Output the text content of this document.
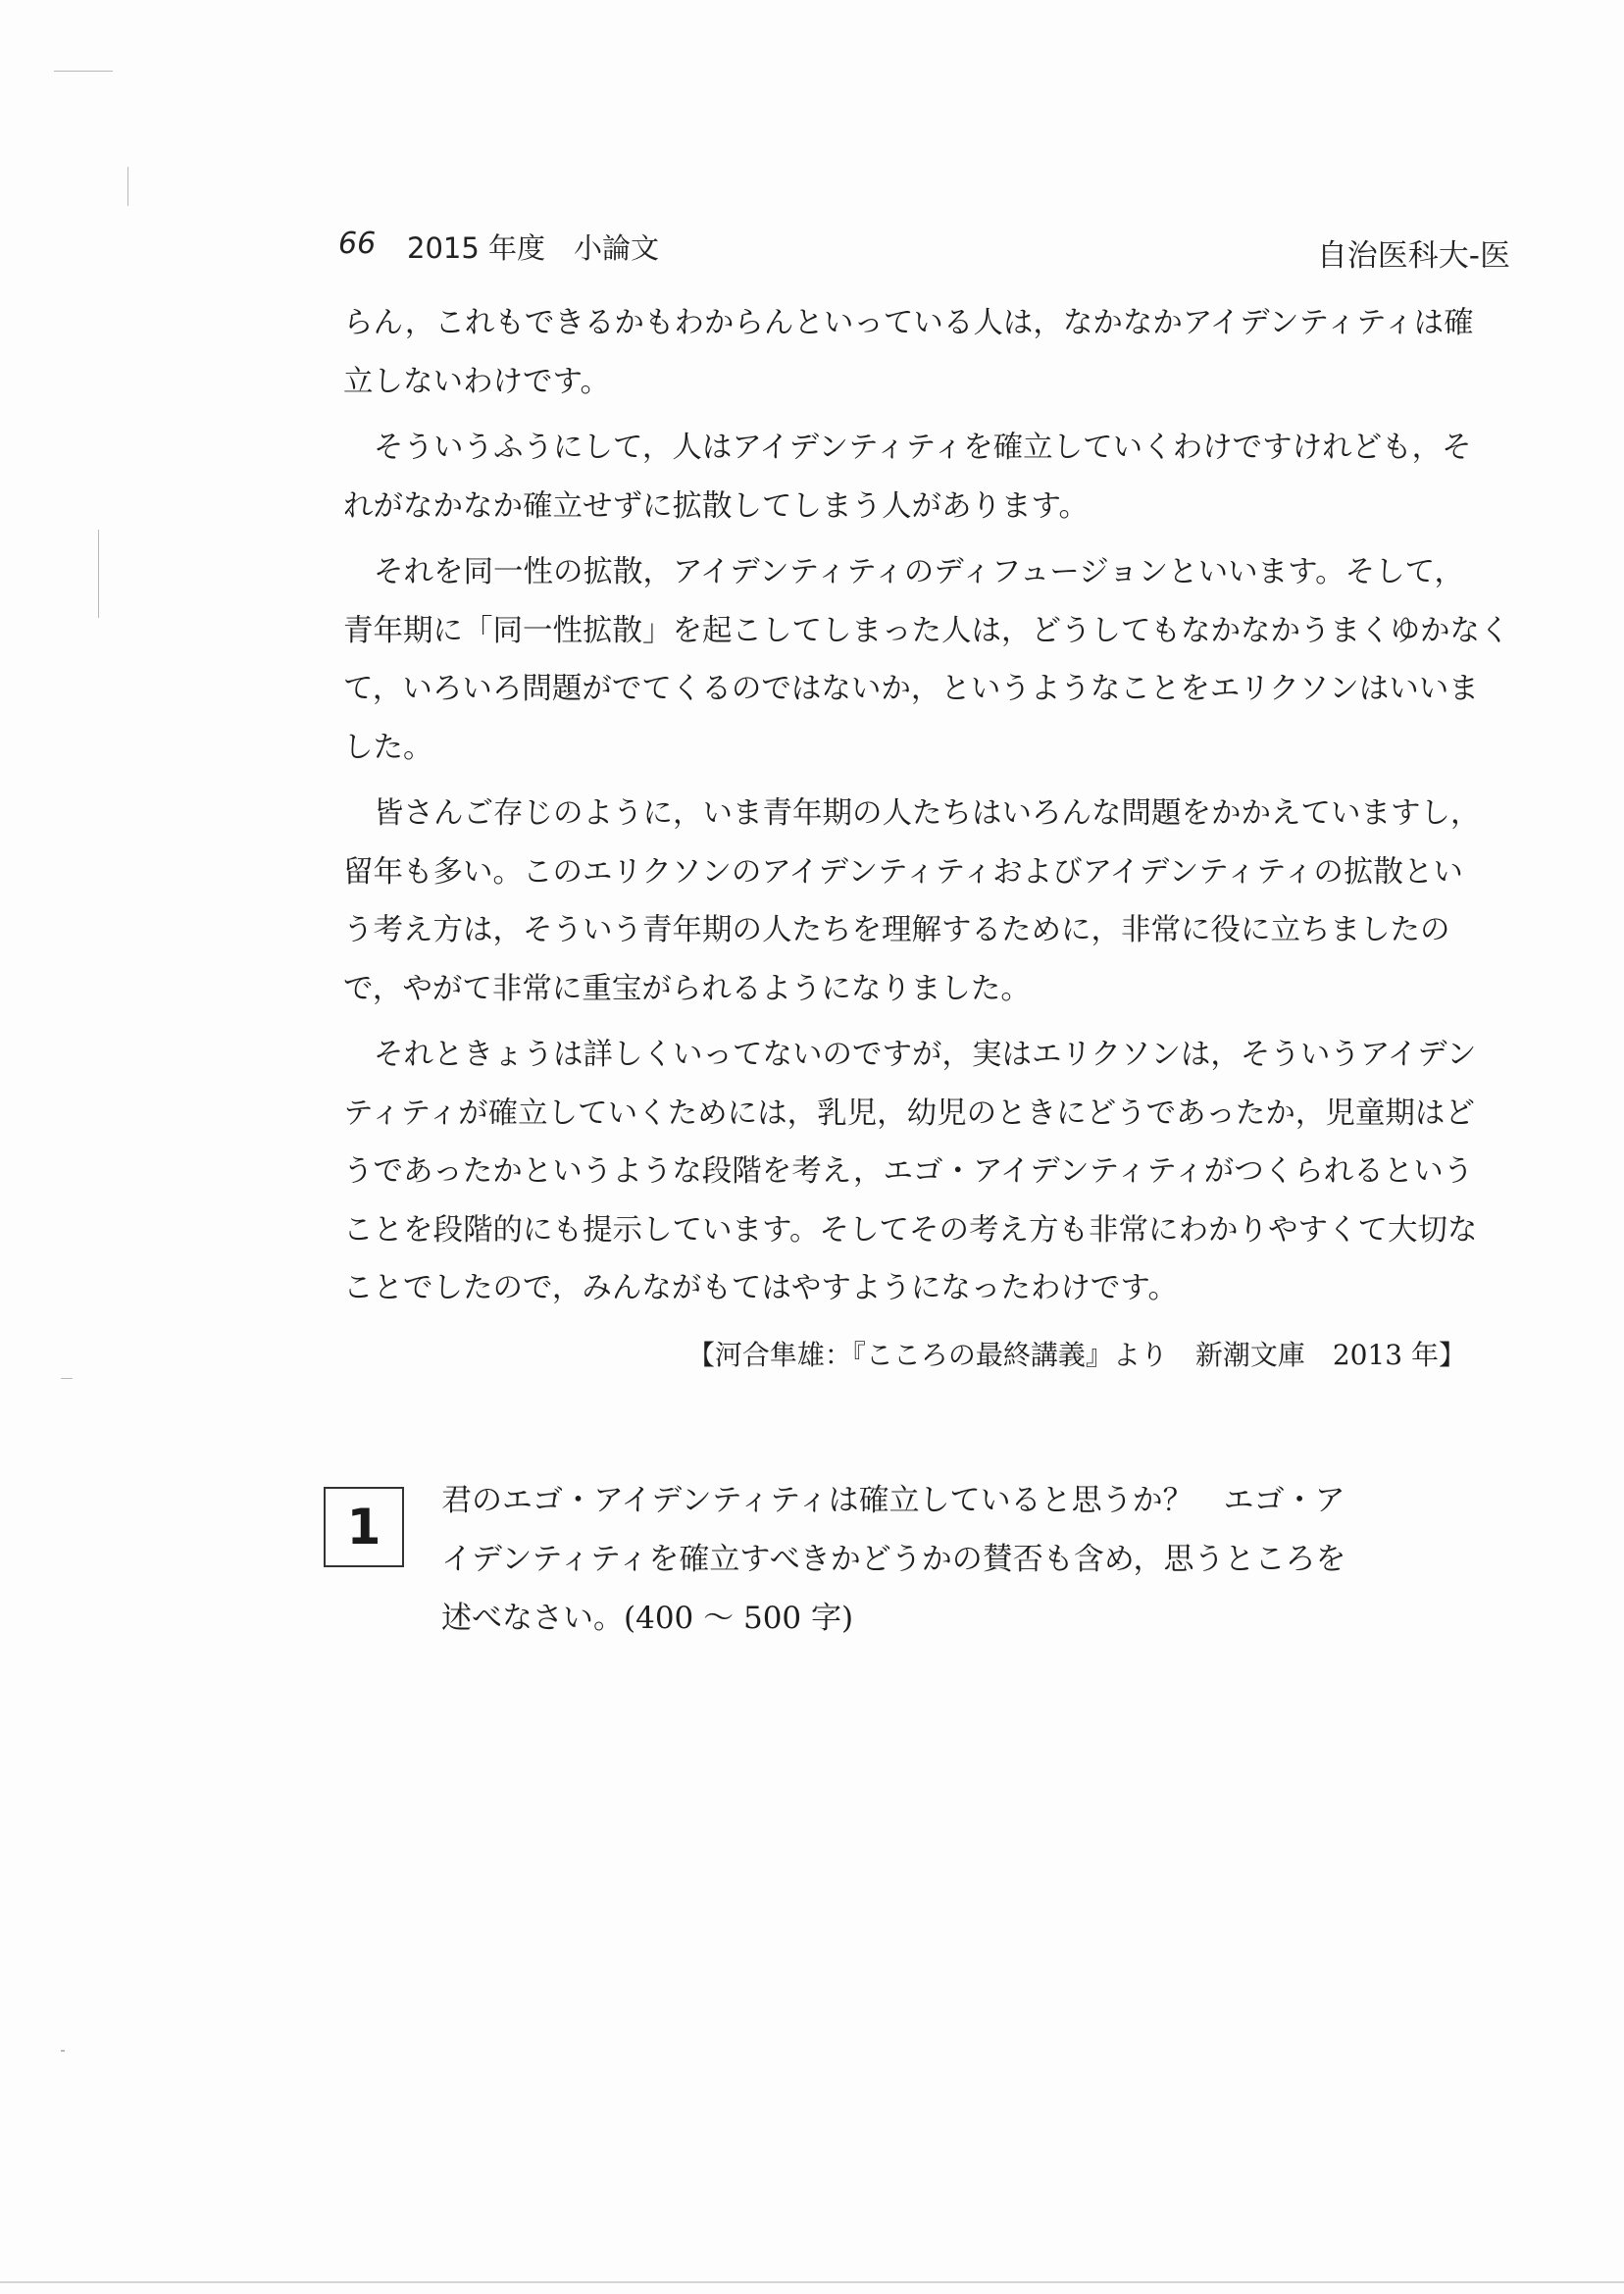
66 2015 年度　小論文	自治医科大-医
らん，これもできるかもわからんといっている人は，なかなかアイデンティティは確
立しないわけです。
そういうふうにして，人はアイデンティティを確立していくわけですけれども，そ
れがなかなか確立せずに拡散してしまう人があります。
それを同一性の拡散，アイデンティティのディフュージョンといいます。そして，
青年期に「同一性拡散」を起こしてしまった人は，どうしてもなかなかうまくゆかなく
て，いろいろ問題がでてくるのではないか，というようなことをエリクソンはいいま
した。
皆さんご存じのように，いま青年期の人たちはいろんな問題をかかえていますし，
留年も多い。このエリクソンのアイデンティティおよびアイデンティティの拡散とい
う考え方は，そういう青年期の人たちを理解するために，非常に役に立ちましたの
で，やがて非常に重宝がられるようになりました。
それときょうは詳しくいってないのですが，実はエリクソンは，そういうアイデン
ティティが確立していくためには，乳児，幼児のときにどうであったか，児童期はど
うであったかというような段階を考え，エゴ・アイデンティティがつくられるという
ことを段階的にも提示しています。そしてその考え方も非常にわかりやすくて大切な
ことでしたので，みんながもてはやすようになったわけです。
【河合隼雄：『こころの最終講義』より　新潮文庫　2013 年】
1	君のエゴ・アイデンティティは確立していると思うか？　エゴ・ア
イデンティティを確立すべきかどうかの賛否も含め，思うところを
述べなさい。(400 ～ 500 字)
